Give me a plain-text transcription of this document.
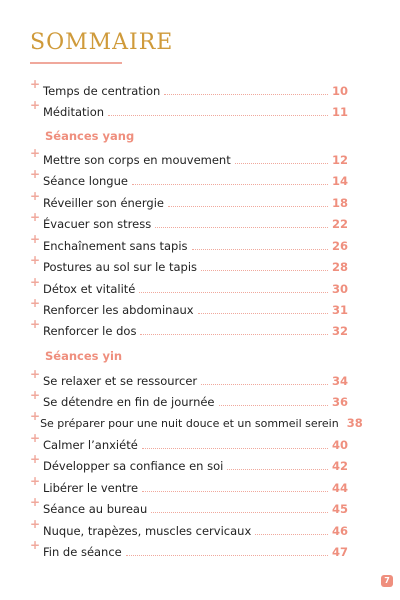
SOMMAIRE
+ Temps de centration	10
+ Méditation	11
Séances yang
+ Mettre son corps en mouvement	12
+ Séance longue	14
+ Réveiller son énergie	18
+ Évacuer son stress	22
+ Enchaînement sans tapis	26
+ Postures au sol sur le tapis	28
+ Détox et vitalité	30
+ Renforcer les abdominaux	31
+ Renforcer le dos	32
Séances yin
+ Se relaxer et se ressourcer	34
+ Se détendre en fin de journée	36
+
Se préparer pour une nuit douce et un sommeil serein 38
+ Calmer l’anxiété	40
+ Développer sa confiance en soi	42
+ Libérer le ventre	44
+ Séance au bureau	45
+ Nuque, trapèzes, muscles cervicaux	46
+ Fin de séance	47
7
